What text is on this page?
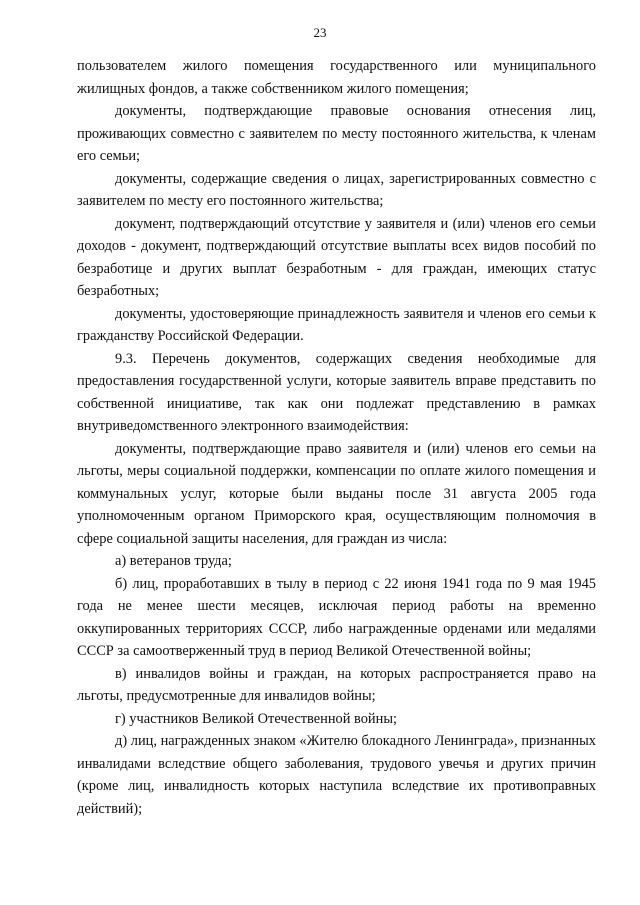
23

пользователем жилого помещения государственного или муниципального жилищных фондов, а также собственником жилого помещения;

документы, подтверждающие правовые основания отнесения лиц, проживающих совместно с заявителем по месту постоянного жительства, к членам его семьи;

документы, содержащие сведения о лицах, зарегистрированных совместно с заявителем по месту его постоянного жительства;

документ, подтверждающий отсутствие у заявителя и (или) членов его семьи доходов - документ, подтверждающий отсутствие выплаты всех видов пособий по безработице и других выплат безработным - для граждан, имеющих статус безработных;

документы, удостоверяющие принадлежность заявителя и членов его семьи к гражданству Российской Федерации.

9.3. Перечень документов, содержащих сведения необходимые для предоставления государственной услуги, которые заявитель вправе представить по собственной инициативе, так как они подлежат представлению в рамках внутриведомственного электронного взаимодействия:

документы, подтверждающие право заявителя и (или) членов его семьи на льготы, меры социальной поддержки, компенсации по оплате жилого помещения и коммунальных услуг, которые были выданы после 31 августа 2005 года уполномоченным органом Приморского края, осуществляющим полномочия в сфере социальной защиты населения, для граждан из числа:

а) ветеранов труда;

б) лиц, проработавших в тылу в период с 22 июня 1941 года по 9 мая 1945 года не менее шести месяцев, исключая период работы на временно оккупированных территориях СССР, либо награжденные орденами или медалями СССР за самоотверженный труд в период Великой Отечественной войны;

в) инвалидов войны и граждан, на которых распространяется право на льготы, предусмотренные для инвалидов войны;

г) участников Великой Отечественной войны;

д) лиц, награжденных знаком «Жителю блокадного Ленинграда», признанных инвалидами вследствие общего заболевания, трудового увечья и других причин (кроме лиц, инвалидность которых наступила вследствие их противоправных действий);
